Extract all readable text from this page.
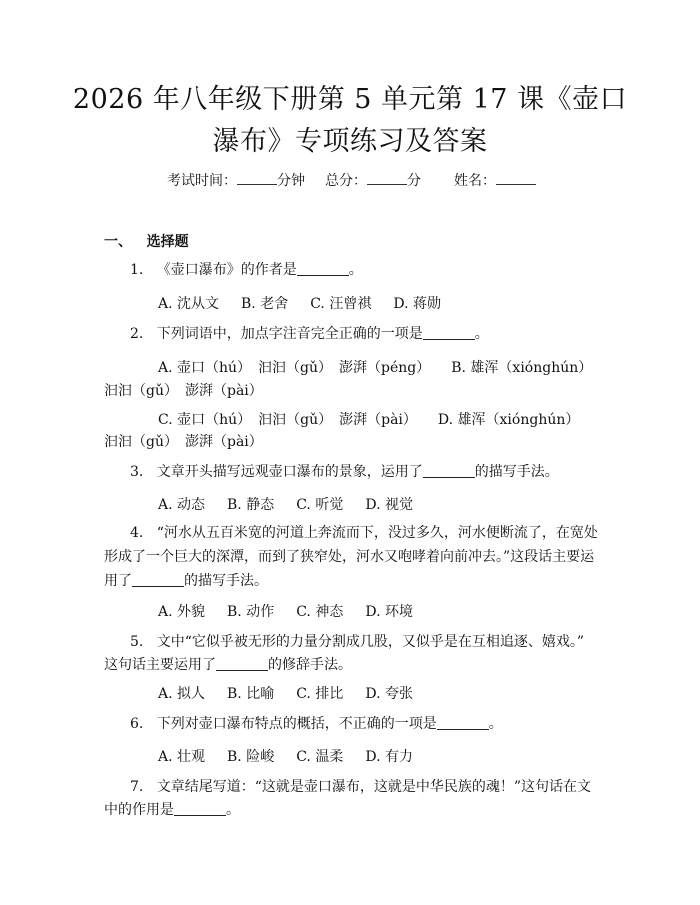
2026 年八年级下册第 5 单元第 17 课《壶口
瀑布》专项练习及答案
考试时间：	分钟 总分：	分 姓名：
一、 选择题

1. 《壶口瀑布》的作者是	。

A. 沈从文 B. 老舍 C. 汪曾祺 D. 蒋勋

2. 下列词语中，加点字注音完全正确的一项是	。

A. 壶口（hú）　汩汩（gǔ）　澎湃（péng）　　B. 雄浑（xiónghún）
汩汩（gǔ）　澎湃（pài）
C. 壶口（hú）　汩汩（gǔ）　澎湃（pài）　　D. 雄浑（xiónghún）
汩汩（gǔ）　澎湃（pài）

3. 文章开头描写远观壶口瀑布的景象，运用了	的描写手法。

A. 动态 B. 静态 C. 听觉 D. 视觉

4. “河水从五百米宽的河道上奔流而下，没过多久，河水便断流了，在宽处

形成了一个巨大的深潭，而到了狭窄处，河水又咆哮着向前冲去。”这段话主要运

用了	的描写手法。

A. 外貌 B. 动作 C. 神态 D. 环境

5. 文中“它似乎被无形的力量分割成几股，又似乎是在互相追逐、嬉戏。”

这句话主要运用了	的修辞手法。

A. 拟人 B. 比喻 C. 排比 D. 夸张

6. 下列对壶口瀑布特点的概括，不正确的一项是	。

A. 壮观 B. 险峻 C. 温柔 D. 有力

7. 文章结尾写道：“这就是壶口瀑布，这就是中华民族的魂！”这句话在文

中的作用是	。
